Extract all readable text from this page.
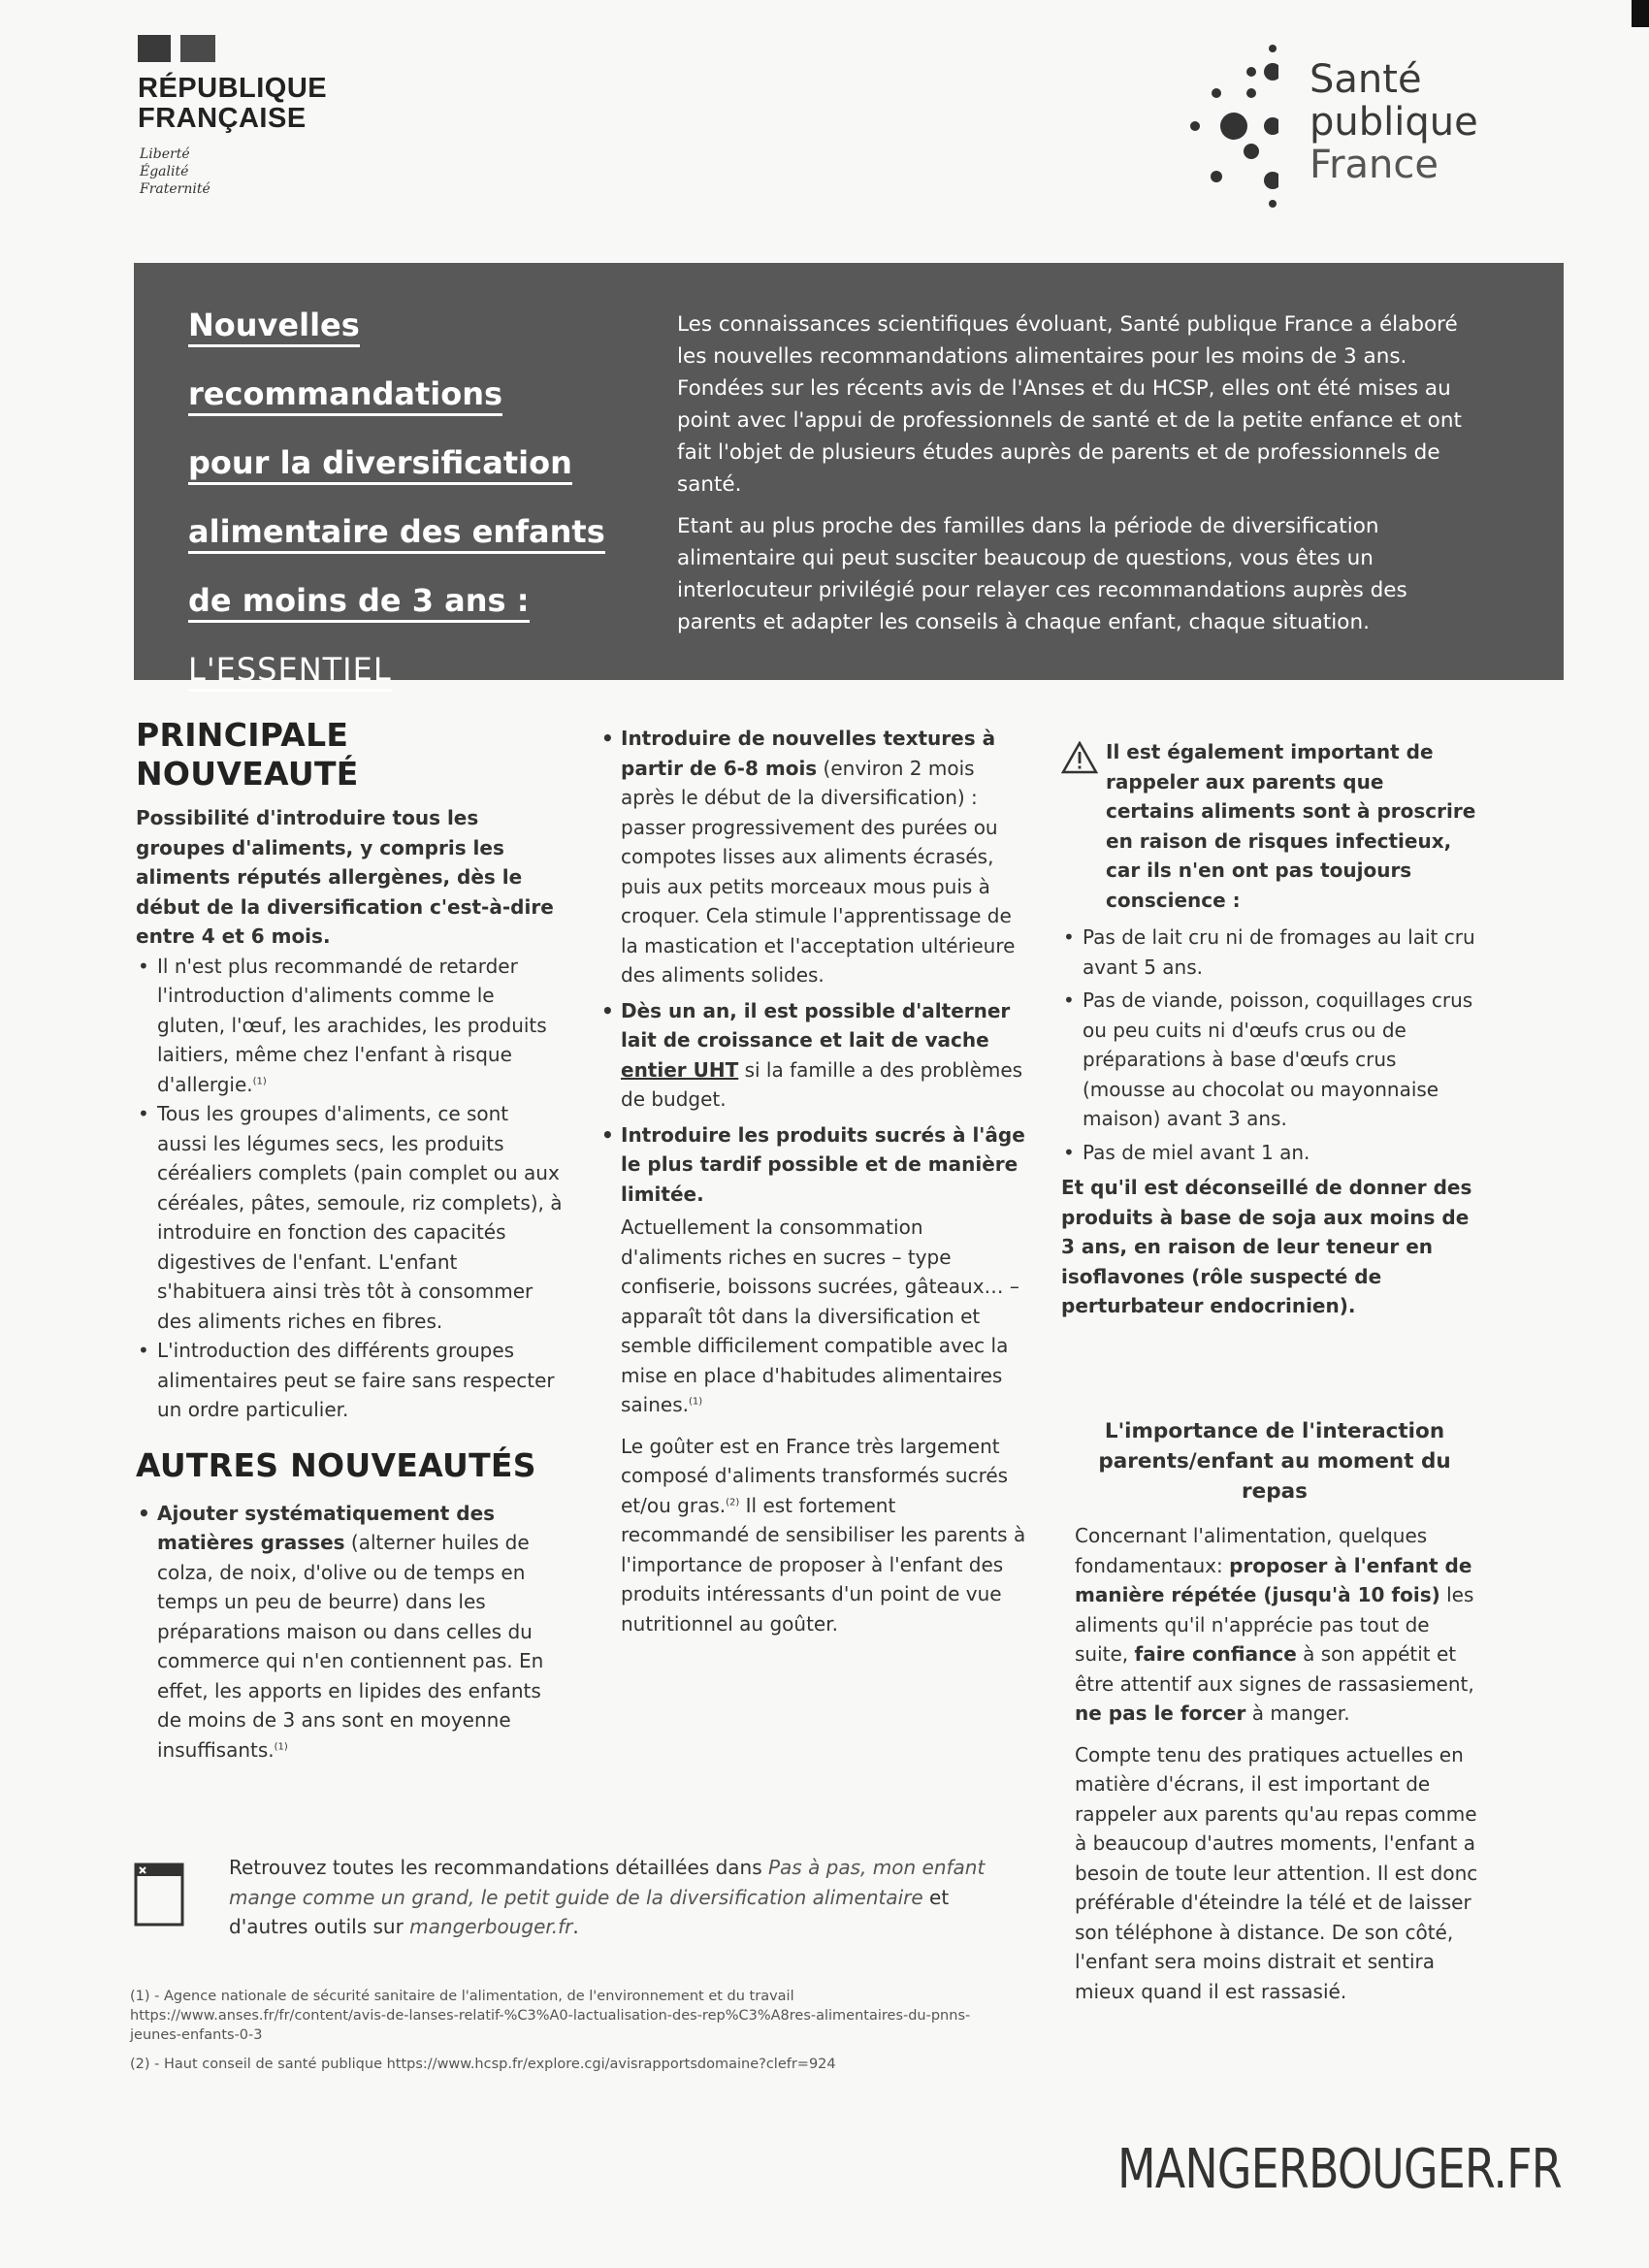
RÉPUBLIQUE
FRANÇAISE
Liberté
Égalité
Fraternité
Santé
publique
France
Nouvelles
recommandations
pour la diversification
alimentaire des enfants
de moins de 3 ans :
L'ESSENTIEL

Les connaissances scientifiques évoluant, Santé publique France a élaboré les nouvelles recommandations alimentaires pour les moins de 3 ans. Fondées sur les récents avis de l'Anses et du HCSP, elles ont été mises au point avec l'appui de professionnels de santé et de la petite enfance et ont fait l'objet de plusieurs études auprès de parents et de professionnels de santé.

Etant au plus proche des familles dans la période de diversification alimentaire qui peut susciter beaucoup de questions, vous êtes un interlocuteur privilégié pour relayer ces recommandations auprès des parents et adapter les conseils à chaque enfant, chaque situation.

PRINCIPALE NOUVEAUTÉ

Possibilité d'introduire tous les groupes d'aliments, y compris les aliments réputés allergènes, dès le début de la diversification c'est-à-dire entre 4 et 6 mois.

• Il n'est plus recommandé de retarder l'introduction d'aliments comme le gluten, l'œuf, les arachides, les produits laitiers, même chez l'enfant à risque d'allergie.$^{(1)}$
• Tous les groupes d'aliments, ce sont aussi les légumes secs, les produits céréaliers complets (pain complet ou aux céréales, pâtes, semoule, riz complets), à introduire en fonction des capacités digestives de l'enfant. L'enfant s'habituera ainsi très tôt à consommer des aliments riches en fibres.
• L'introduction des différents groupes alimentaires peut se faire sans respecter un ordre particulier.
AUTRES NOUVEAUTÉS
• Ajouter systématiquement des matières grasses (alterner huiles de colza, de noix, d'olive ou de temps en temps un peu de beurre) dans les préparations maison ou dans celles du commerce qui n'en contiennent pas. En effet, les apports en lipides des enfants de moins de 3 ans sont en moyenne insuffisants.$^{(1)}$
• Introduire de nouvelles textures à partir de 6-8 mois (environ 2 mois après le début de la diversification) : passer progressivement des purées ou compotes lisses aux aliments écrasés, puis aux petits morceaux mous puis à croquer. Cela stimule l'apprentissage de la mastication et l'acceptation ultérieure des aliments solides.
• Dès un an, il est possible d'alterner lait de croissance et lait de vache entier UHT si la famille a des problèmes de budget.
• Introduire les produits sucrés à l'âge le plus tardif possible et de manière limitée.

Actuellement la consommation d'aliments riches en sucres – type confiserie, boissons sucrées, gâteaux… – apparaît tôt dans la diversification et semble difficilement compatible avec la mise en place d'habitudes alimentaires saines.$^{(1)}$

Le goûter est en France très largement composé d'aliments transformés sucrés et/ou gras.$^{(2)}$ Il est fortement recommandé de sensibiliser les parents à l'importance de proposer à l'enfant des produits intéressants d'un point de vue nutritionnel au goûter.

Il est également important de rappeler aux parents que certains aliments sont à proscrire en raison de risques infectieux, car ils n'en ont pas toujours conscience :

• Pas de lait cru ni de fromages au lait cru avant 5 ans.
• Pas de viande, poisson, coquillages crus ou peu cuits ni d'œufs crus ou de préparations à base d'œufs crus (mousse au chocolat ou mayonnaise maison) avant 3 ans.
• Pas de miel avant 1 an.

Et qu'il est déconseillé de donner des produits à base de soja aux moins de 3 ans, en raison de leur teneur en isoflavones (rôle suspecté de perturbateur endocrinien).

L'importance de l'interaction parents/enfant au moment du repas

Concernant l'alimentation, quelques fondamentaux: proposer à l'enfant de manière répétée (jusqu'à 10 fois) les aliments qu'il n'apprécie pas tout de suite, faire confiance à son appétit et être attentif aux signes de rassasiement, ne pas le forcer à manger.

Compte tenu des pratiques actuelles en matière d'écrans, il est important de rappeler aux parents qu'au repas comme à beaucoup d'autres moments, l'enfant a besoin de toute leur attention. Il est donc préférable d'éteindre la télé et de laisser son téléphone à distance. De son côté, l'enfant sera moins distrait et sentira mieux quand il est rassasié.

Retrouvez toutes les recommandations détaillées dans Pas à pas, mon enfant mange comme un grand, le petit guide de la diversification alimentaire et d'autres outils sur mangerbouger.fr.

(1) - Agence nationale de sécurité sanitaire de l'alimentation, de l'environnement et du travail https://www.anses.fr/fr/content/avis-de-lanses-relatif-%C3%A0-lactualisation-des-rep%C3%A8res-alimentaires-du-pnns-jeunes-enfants-0-3

(2) - Haut conseil de santé publique https://www.hcsp.fr/explore.cgi/avisrapportsdomaine?clefr=924

MANGERBOUGER.FR
